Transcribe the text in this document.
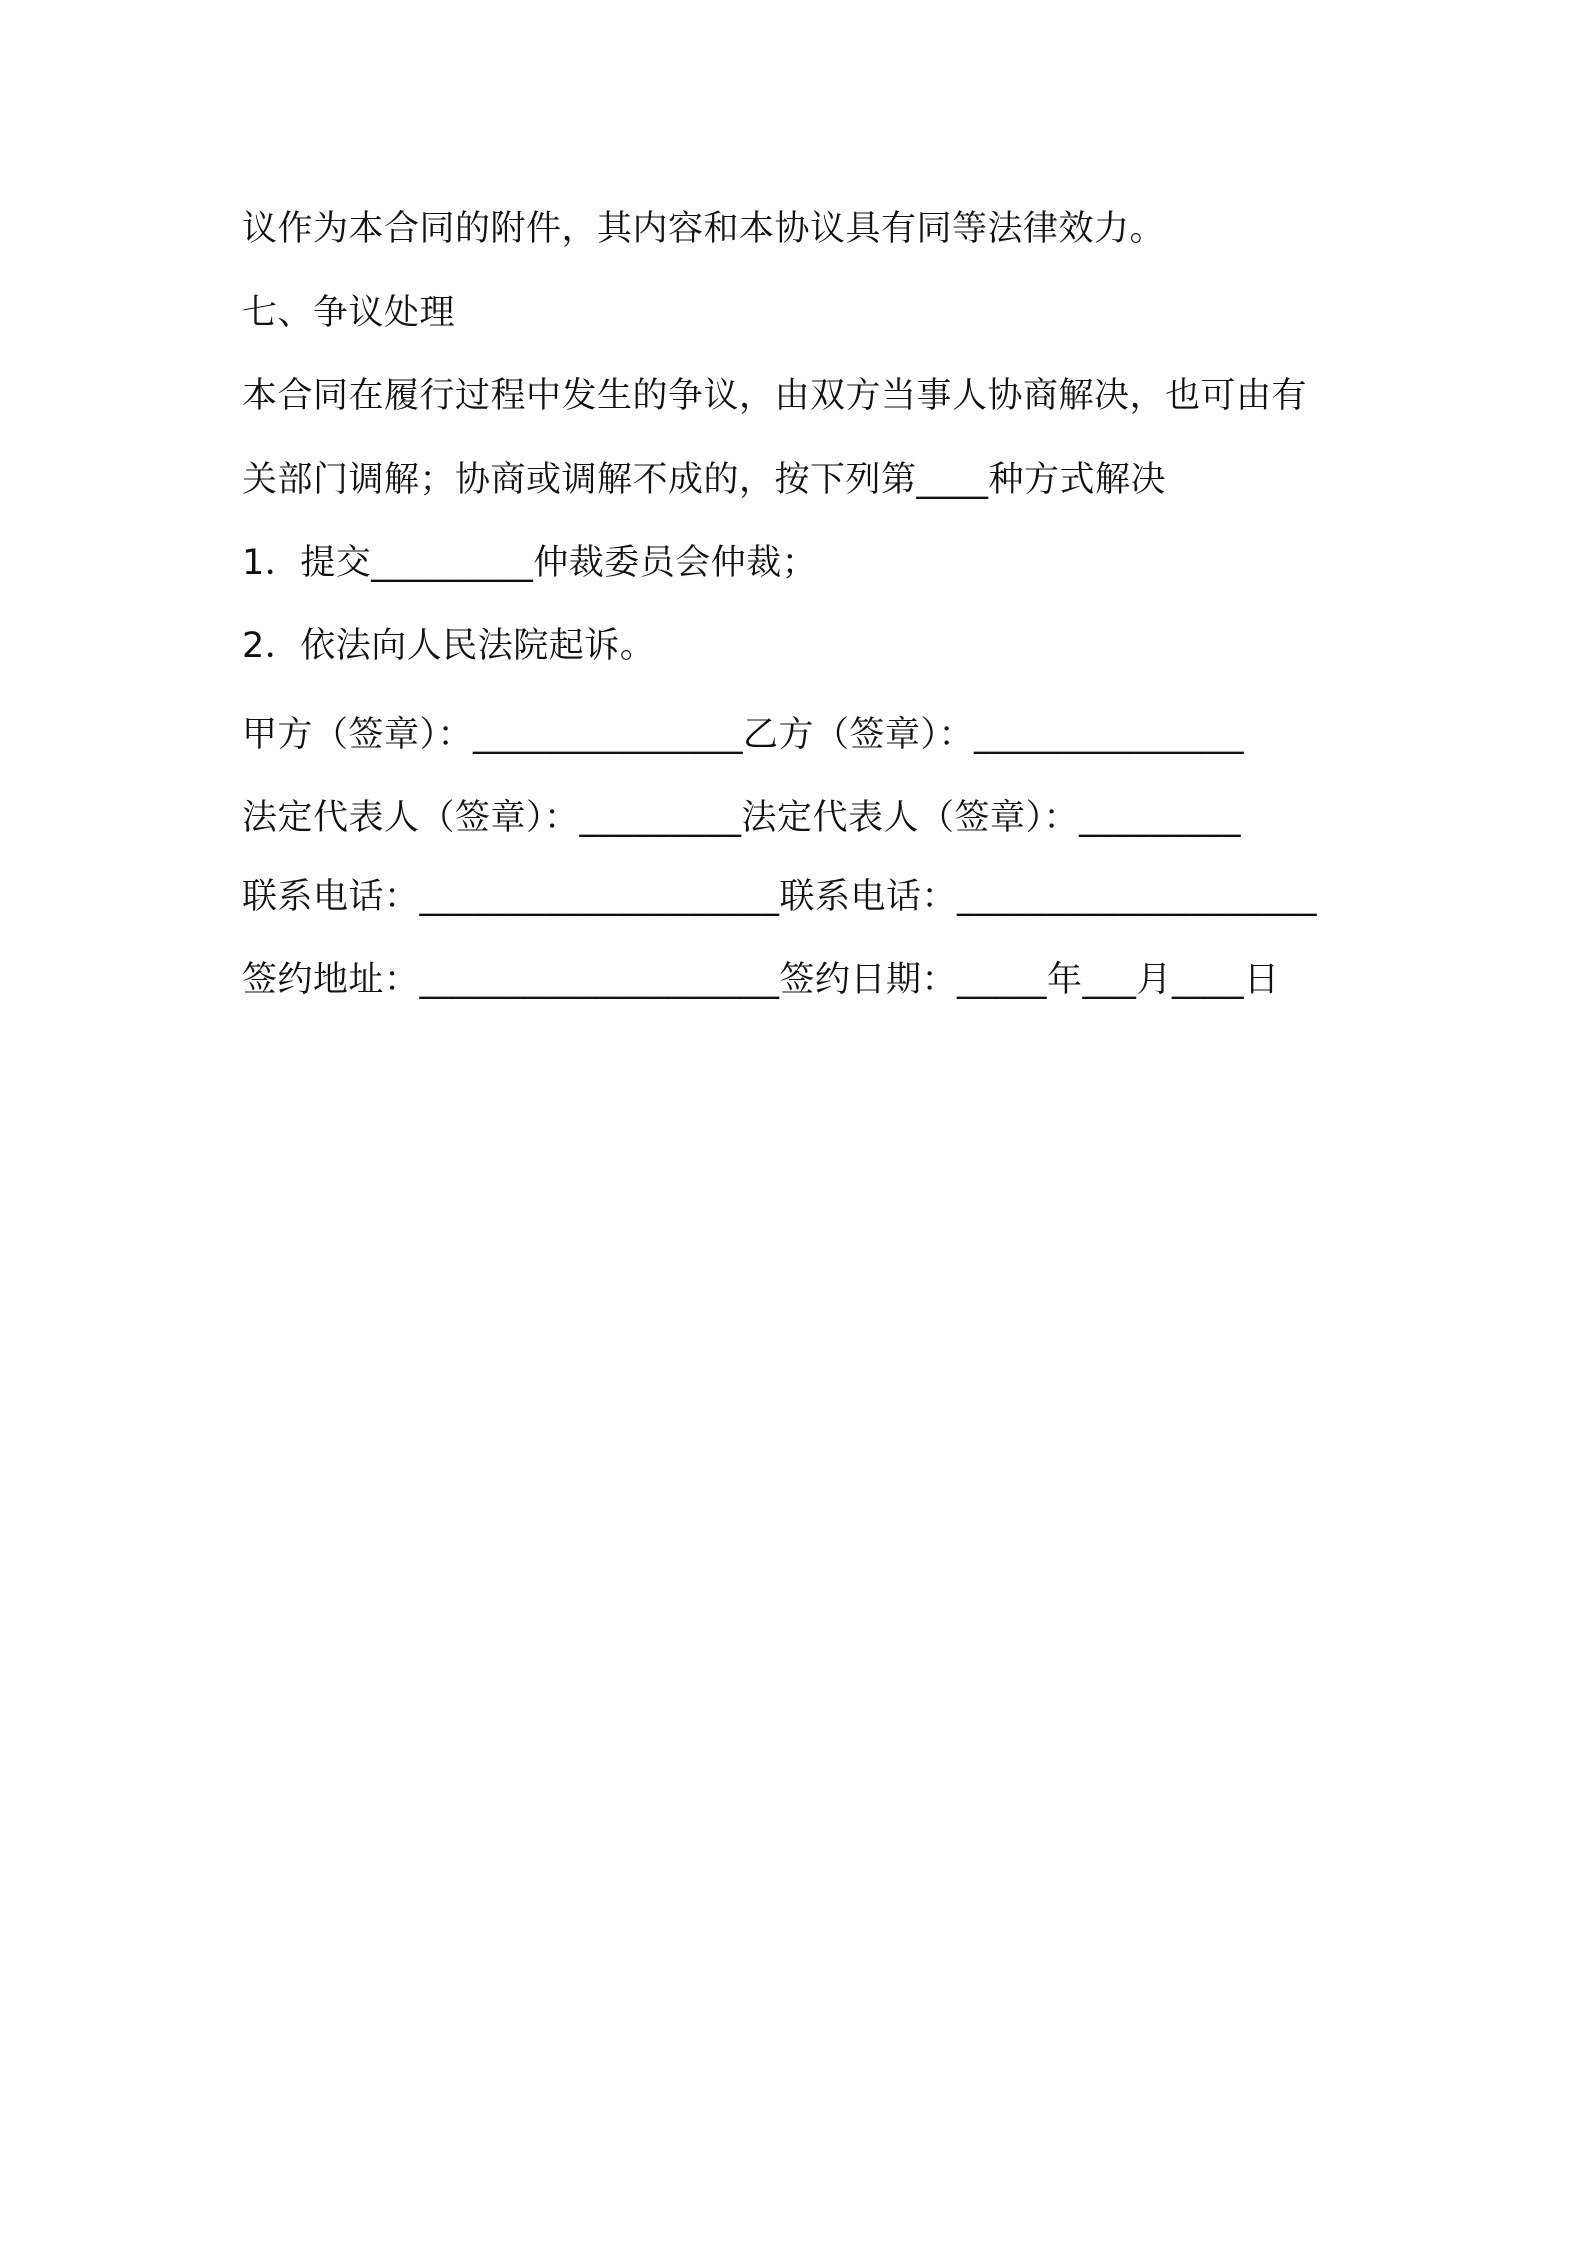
议作为本合同的附件，其内容和本协议具有同等法律效力。
七、争议处理
本合同在履行过程中发生的争议，由双方当事人协商解决，也可由有
关部门调解；协商或调解不成的，按下列第____种方式解决
1．提交_________仲裁委员会仲裁；
2．依法向人民法院起诉。
甲方（签章）：_______________乙方（签章）：_______________
法定代表人（签章）：_________法定代表人（签章）：_________
联系电话：____________________联系电话：____________________
签约地址：____________________签约日期：_____年___月____日
